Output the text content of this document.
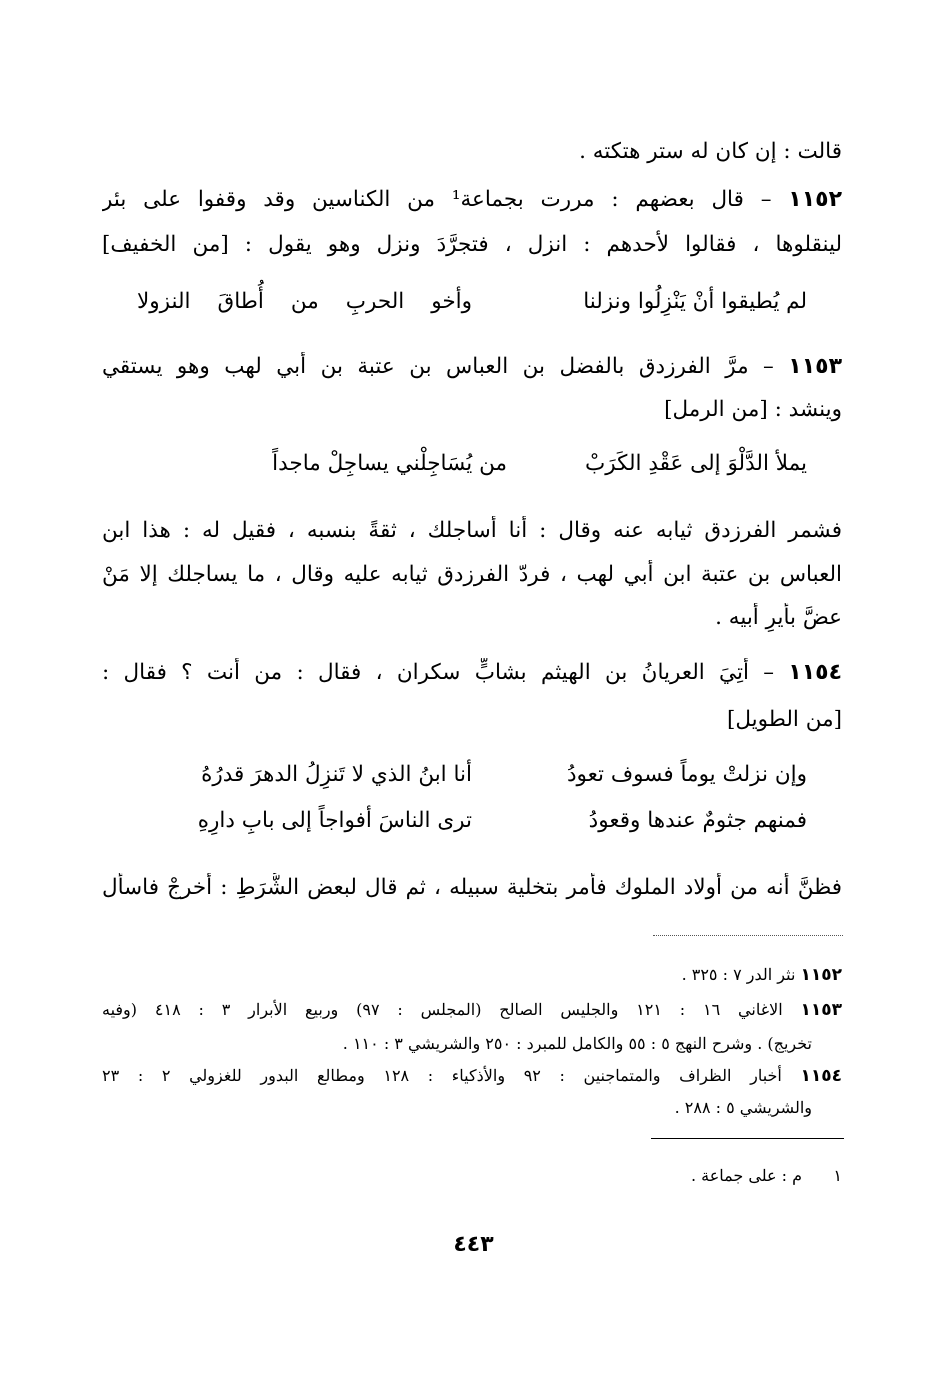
قالت : إن كان له ستر هتكته .
١١٥٢ – قال بعضهم : مررت بجماعة¹ من الكناسين وقد وقفوا على بئر
لينقلوها ، فقالوا لأحدهم : انزل ، فتجرَّدَ ونزل وهو يقول : [من الخفيف]
لم يُطيقوا أنْ يَنْزِلُوا ونزلنا
وأخو الحربِ من أُطاقَ النزولا
١١٥٣ – مرَّ الفرزدق بالفضل بن العباس بن عتبة بن أبي لهب وهو يستقي
وينشد : [من الرمل]
من يُسَاجِلْني يساجِلْ ماجداً	يملأ الدَّلْوَ إلى عَقْدِ الكَرَبْ
فشمر الفرزدق ثيابه عنه وقال : أنا أساجلك ، ثقةً بنسبه ، فقيل له : هذا ابن
العباس بن عتبة ابن أبي لهب ، فردّ الفرزدق ثيابه عليه وقال ، ما يساجلك إلا مَنْ
عضَّ بأيرِ أبيه .
١١٥٤ – أُتِيَ العريانُ بن الهيثم بشابٍّ سكران ، فقال : من أنت ؟ فقال :
[من الطويل]
وإن نزلتْ يوماً فسوف تعودُ
أنا ابنُ الذي لا تَنزِلُ الدهرَ قدرُهُ
فمنهم جثومٌ عندها وقعودُ
ترى الناسَ أفواجاً إلى بابِ دارِهِ
فظنَّ أنه من أولاد الملوك فأمر بتخلية سبيله ، ثم قال لبعض الشُّرَطِ : أخرجْ فاسأل
١١٥٢ نثر الدر ٧ : ٣٢٥ .
١١٥٣ الاغاني ١٦ : ١٢١ والجليس الصالح (المجلس : ٩٧) وربيع الأبرار ٣ : ٤١٨ (وفيه
تخريج) . وشرح النهج ٥ : ٥٥ والكامل للمبرد : ٢٥٠ والشريشي ٣ : ١١٠ .
١١٥٤ أخبار الظراف والمتماجنين : ٩٢ والأذكياء : ١٢٨ ومطالع البدور للغزولي ٢ : ٢٣
والشريشي ٥ : ٢٨٨ .
١م : على جماعة .
٤٤٣
